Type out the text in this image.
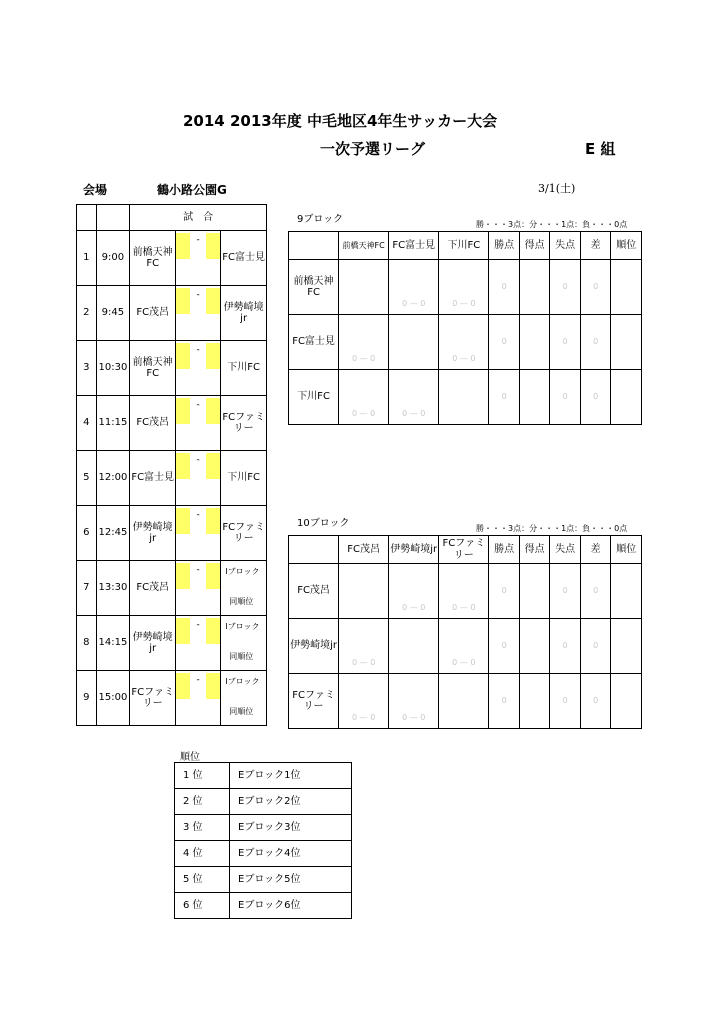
2014 2013年度 中毛地区4年生サッカー大会
一次予選リーグ	E 組
会場	鶴小路公園G	3/1(土)
		試　合		
1	9:00	前橋天神FC	-	FC富士見
2	9:45	FC茂呂	-	伊勢崎境jr
3	10:30	前橋天神FC	-	下川FC
4	11:15	FC茂呂	-	FCファミリー
5	12:00	FC富士見	-	下川FC
6	12:45	伊勢崎境jr	-	FCファミリー
7	13:30	FC茂呂	-	Iブロック
同順位

8	14:15	伊勢崎境jr	-	Iブロック
同順位

9	15:00	FCファミリー	-	Iブロック
同順位
9ブロック	勝・・・3点：分・・・1点：負・・・0点
	前橋天神FC	FC富士見	下川FC	勝点	得点	失点	差	順位
前橋天神FC		0 — 0	0 — 0	0		0	0	

FC富士見	0 — 0		0 — 0	0		0	0	

下川FC	0 — 0	0 — 0		0		0	0	

10ブロック	勝・・・3点：分・・・1点：負・・・0点
	FC茂呂	伊勢崎境jr	FCファミリー	勝点	得点	失点	差	順位
FC茂呂		0 — 0	0 — 0	0		0	0	

伊勢崎境jr	0 — 0		0 — 0	0		0	0	

FCファミリー	0 — 0	0 — 0		0		0	0	

順位
1 位	Eブロック1位
2 位	Eブロック2位
3 位	Eブロック3位
4 位	Eブロック4位
5 位	Eブロック5位
6 位	Eブロック6位
